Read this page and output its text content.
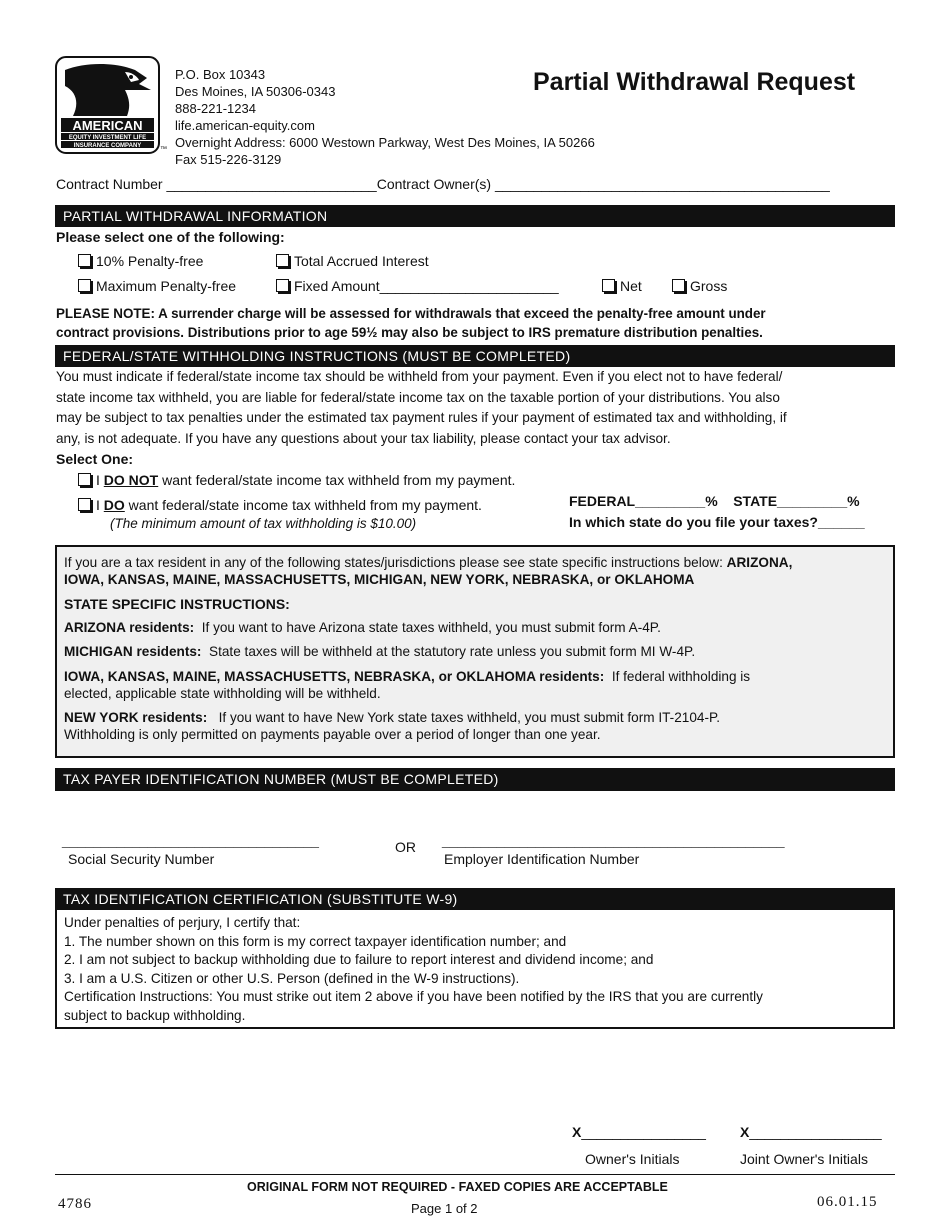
AMERICAN
EQUITY INVESTMENT LIFE
INSURANCE COMPANY	™
P.O. Box 10343
Des Moines, IA 50306-0343
888-221-1234
life.american-equity.com
Overnight Address: 6000 Westown Parkway, West Des Moines, IA 50266
Fax 515-226-3129
Partial Withdrawal Request
Contract Number ___________________________Contract Owner(s) ___________________________________________
PARTIAL WITHDRAWAL INFORMATION
Please select one of the following:
10% Penalty-free	Total Accrued Interest
Maximum Penalty-free	Fixed Amount_______________________	Net	Gross
PLEASE NOTE: A surrender charge will be assessed for withdrawals that exceed the penalty-free amount under
contract provisions. Distributions prior to age 59½ may also be subject to IRS premature distribution penalties.
FEDERAL/STATE WITHHOLDING INSTRUCTIONS (MUST BE COMPLETED)
You must indicate if federal/state income tax should be withheld from your payment. Even if you elect not to have federal/
state income tax withheld, you are liable for federal/state income tax on the taxable portion of your distributions. You also
may be subject to tax penalties under the estimated tax payment rules if your payment of estimated tax and withholding, if
any, is not adequate. If you have any questions about your tax liability, please contact your tax advisor.
Select One:
I DO NOT want federal/state income tax withheld from my payment.
I DO want federal/state income tax withheld from my payment.
(The minimum amount of tax withholding is $10.00)
FEDERAL_________% STATE_________%
In which state do you file your taxes?______
If you are a tax resident in any of the following states/jurisdictions please see state specific instructions below: ARIZONA,
IOWA, KANSAS, MAINE, MASSACHUSETTS, MICHIGAN, NEW YORK, NEBRASKA, or OKLAHOMA
STATE SPECIFIC INSTRUCTIONS:
ARIZONA residents: If you want to have Arizona state taxes withheld, you must submit form A-4P.
MICHIGAN residents: State taxes will be withheld at the statutory rate unless you submit form MI W-4P.
IOWA, KANSAS, MAINE, MASSACHUSETTS, NEBRASKA, or OKLAHOMA residents: If federal withholding is
elected, applicable state withholding will be withheld.
NEW YORK residents: If you want to have New York state taxes withheld, you must submit form IT-2104-P.
Withholding is only permitted on payments payable over a period of longer than one year.
TAX PAYER IDENTIFICATION NUMBER (MUST BE COMPLETED)
_________________________________
Social Security Number
OR ____________________________________________
Employer Identification Number
TAX IDENTIFICATION CERTIFICATION (SUBSTITUTE W-9)
Under penalties of perjury, I certify that:
1. The number shown on this form is my correct taxpayer identification number; and
2. I am not subject to backup withholding due to failure to report interest and dividend income; and
3. I am a U.S. Citizen or other U.S. Person (defined in the W-9 instructions).
Certification Instructions: You must strike out item 2 above if you have been notified by the IRS that you are currently
subject to backup withholding.
X________________
Owner's Initials
X_________________
Joint Owner's Initials
ORIGINAL FORM NOT REQUIRED - FAXED COPIES ARE ACCEPTABLE
Page 1 of 2
4786	06.01.15
